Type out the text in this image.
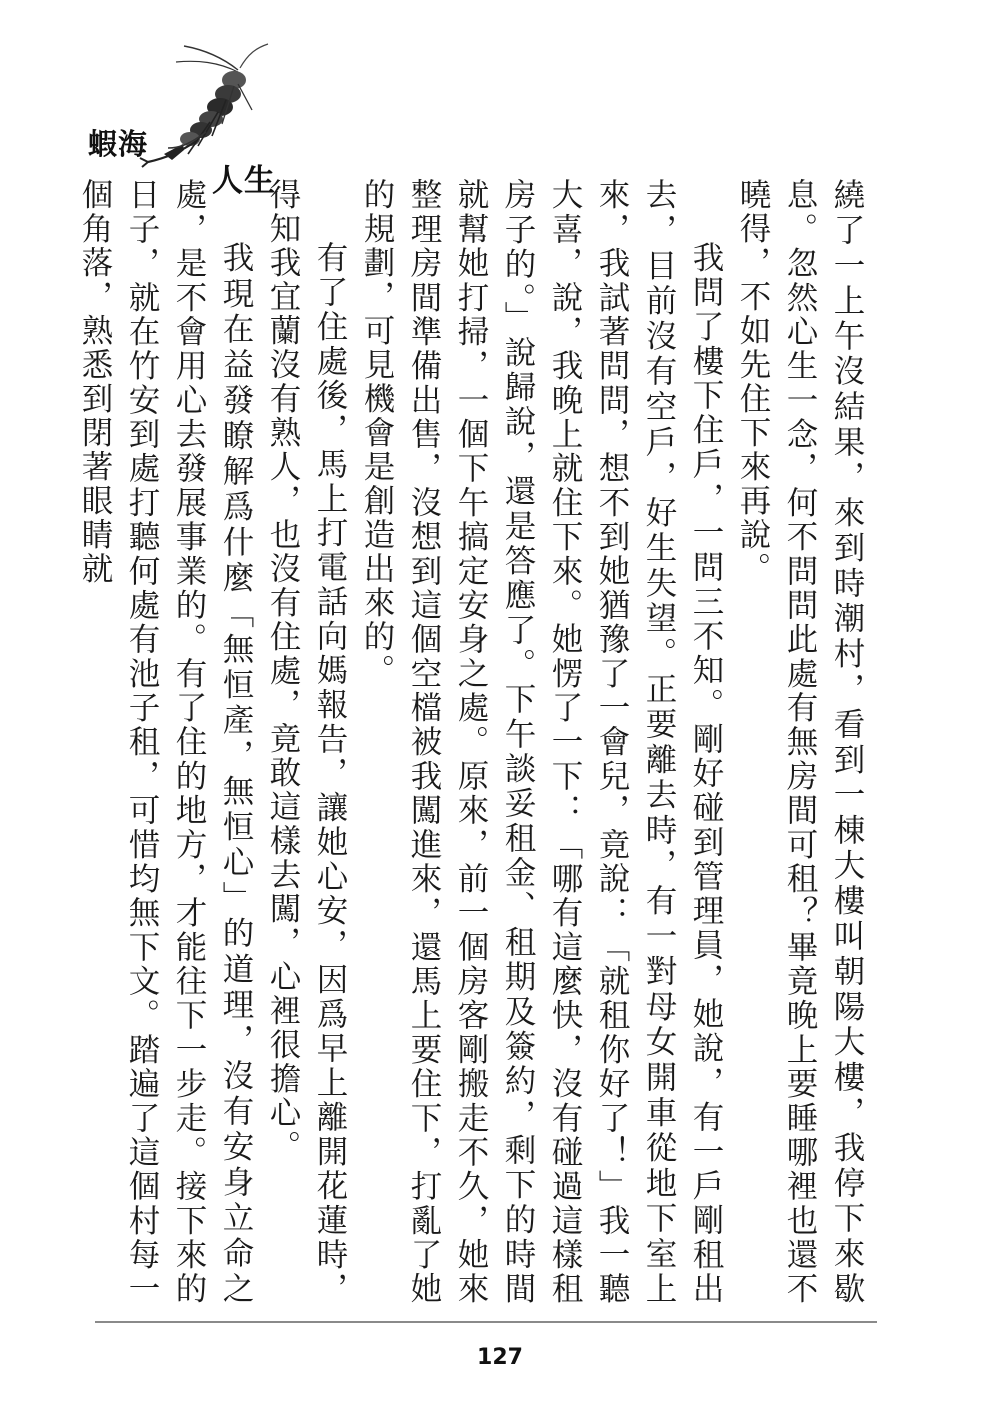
蝦海
人生	繞了一上午沒結果，來到時潮村，看到一棟大樓叫朝陽大樓，我停下來歇息。忽然心生一念，何不問問此處有無房間可租？畢竟晚上要睡哪裡也還不曉得，不如先住下來再說。

我問了樓下住戶，一問三不知。剛好碰到管理員，她說，有一戶剛租出去，目前沒有空戶，好生失望。正要離去時，有一對母女開車從地下室上來，我試著問問，想不到她猶豫了一會兒，竟說：「就租你好了！」我一聽大喜，說，我晚上就住下來。她愣了一下：「哪有這麼快，沒有碰過這樣租房子的。」說歸說，還是答應了。下午談妥租金、租期及簽約，剩下的時間就幫她打掃，一個下午搞定安身之處。原來，前一個房客剛搬走不久，她來整理房間準備出售，沒想到這個空檔被我闖進來，還馬上要住下，打亂了她的規劃，可見機會是創造出來的。

有了住處後，馬上打電話向媽報告，讓她心安，因爲早上離開花蓮時，得知我宜蘭沒有熟人，也沒有住處，竟敢這樣去闖，心裡很擔心。

我現在益發瞭解爲什麼「無恒產，無恒心」的道理，沒有安身立命之處，是不會用心去發展事業的。有了住的地方，才能往下一步走。接下來的日子，就在竹安到處打聽何處有池子租，可惜均無下文。踏遍了這個村每一個角落，熟悉到閉著眼睛就

127
